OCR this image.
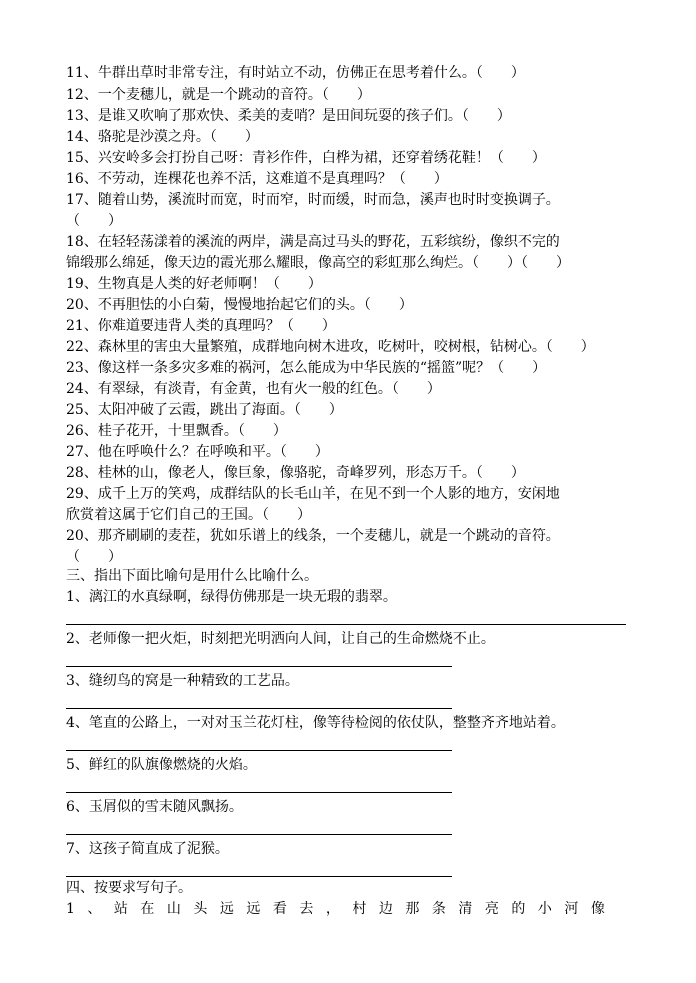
11、牛群出草时非常专注，有时站立不动，仿佛正在思考着什么。（　　）
12、一个麦穗儿，就是一个跳动的音符。（　　）
13、是谁又吹响了那欢快、柔美的麦哨？是田间玩耍的孩子们。（　　）
14、骆驼是沙漠之舟。（　　）
15、兴安岭多会打扮自己呀：青衫作件，白桦为裙，还穿着绣花鞋！（　　）
16、不劳动，连棵花也养不活，这难道不是真理吗？（　　）
17、随着山势，溪流时而宽，时而窄，时而缓，时而急，溪声也时时变换调子。
（　　）
18、在轻轻荡漾着的溪流的两岸，满是高过马头的野花，五彩缤纷，像织不完的
锦缎那么绵延，像天边的霞光那么耀眼，像高空的彩虹那么绚烂。（　　）（　　）
19、生物真是人类的好老师啊！（　　）
20、不再胆怯的小白菊，慢慢地抬起它们的头。（　　）
21、你难道要违背人类的真理吗？（　　）
22、森林里的害虫大量繁殖，成群地向树木进攻，吃树叶，咬树根，钻树心。（　　）
23、像这样一条多灾多难的祸河，怎么能成为中华民族的“摇篮”呢？（　　）
24、有翠绿，有淡青，有金黄，也有火一般的红色。（　　）
25、太阳冲破了云霞，跳出了海面。（　　）
26、桂子花开，十里飘香。（　　）
27、他在呼唤什么？在呼唤和平。（　　）
28、桂林的山，像老人，像巨象，像骆驼，奇峰罗列，形态万千。（　　）
29、成千上万的笑鸡，成群结队的长毛山羊，在见不到一个人影的地方，安闲地
欣赏着这属于它们自己的王国。（　　）
20、那齐刷刷的麦茬，犹如乐谱上的线条，一个麦穗儿，就是一个跳动的音符。
（　　）
三、指出下面比喻句是用什么比喻什么。
1、漓江的水真绿啊，绿得仿佛那是一块无瑕的翡翠。
2、老师像一把火炬，时刻把光明洒向人间，让自己的生命燃烧不止。
3、缝纫鸟的窝是一种精致的工艺品。
4、笔直的公路上，一对对玉兰花灯柱，像等待检阅的依仗队，整整齐齐地站着。
5、鲜红的队旗像燃烧的火焰。
6、玉屑似的雪末随风飘扬。
7、这孩子简直成了泥猴。
四、按要求写句子。
1、站在山头远远看去，村边那条清亮的小河像
